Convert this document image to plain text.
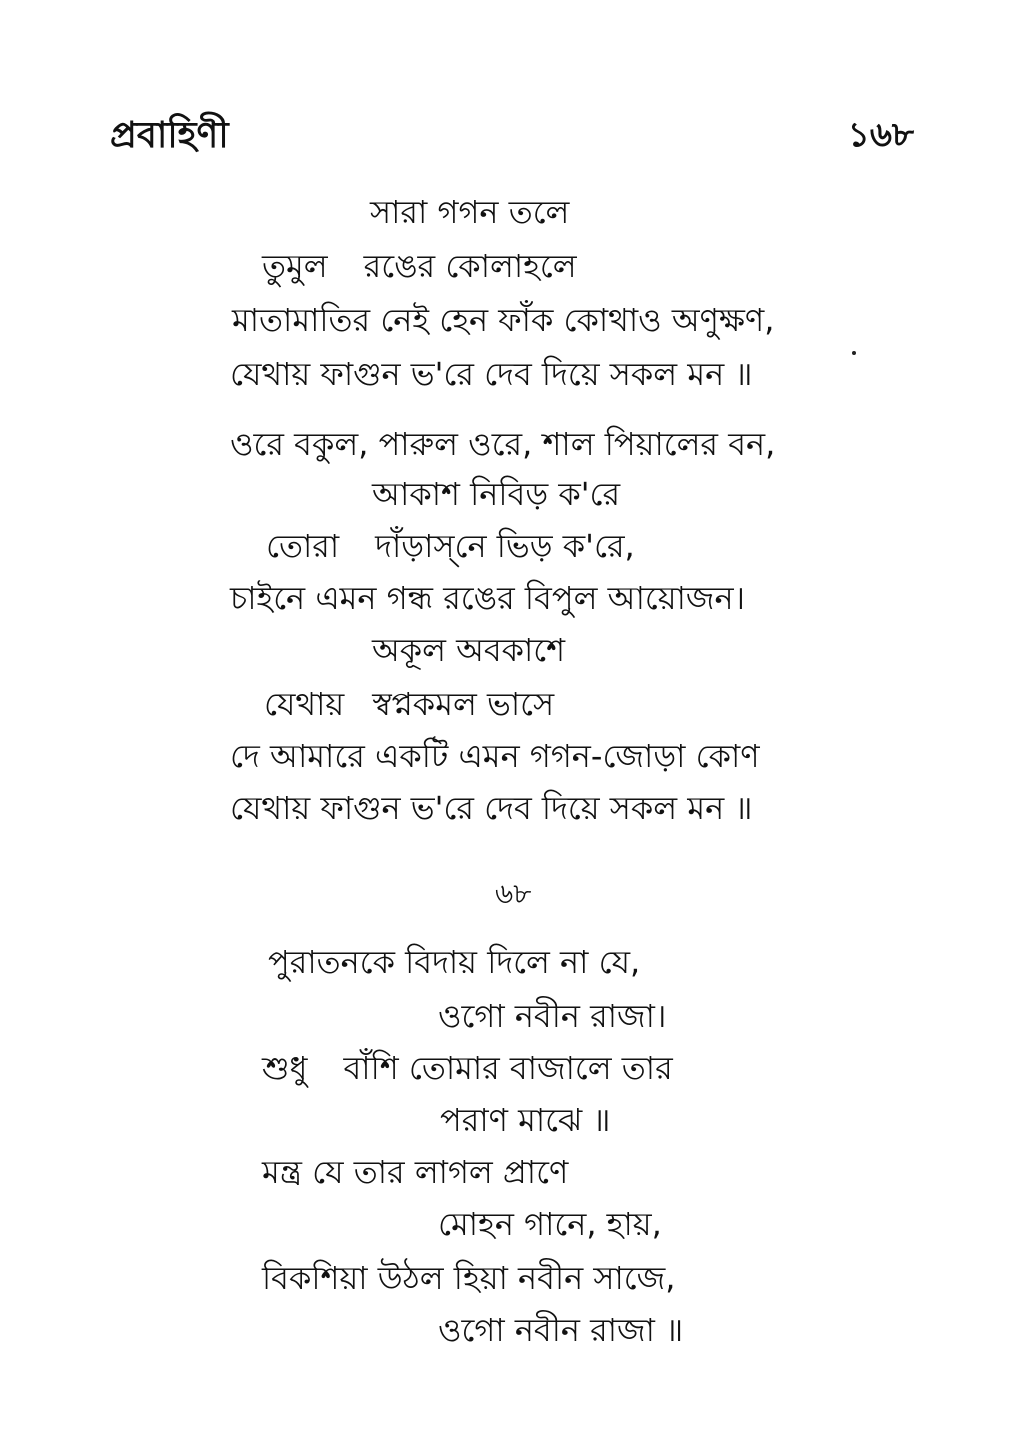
প্রবাহিণী	১৬৮
সারা গগন তলে
তুমুল রঙের কোলাহলে
মাতামাতির নেই হেন ফাঁক কোথাও অণুক্ষণ,
যেথায় ফাগুন ভ'রে দেব দিয়ে সকল মন ॥
ওরে বকুল, পারুল ওরে, শাল পিয়ালের বন,
আকাশ নিবিড় ক'রে
তোরা দাঁড়াস্‌নে ভিড় ক'রে,
চাইনে এমন গন্ধ রঙের বিপুল আয়োজন।
অকূল অবকাশে
যেথায় স্বপ্নকমল ভাসে
দে আমারে একটি এমন গগন-জোড়া কোণ
যেথায় ফাগুন ভ'রে দেব দিয়ে সকল মন ॥
৬৮
পুরাতনকে বিদায় দিলে না যে,
ওগো নবীন রাজা।
শুধু বাঁশি তোমার বাজালে তার
পরাণ মাঝে ॥
মন্ত্র যে তার লাগল প্রাণে
মোহন গানে, হায়,
বিকশিয়া উঠল হিয়া নবীন সাজে,
ওগো নবীন রাজা ॥
